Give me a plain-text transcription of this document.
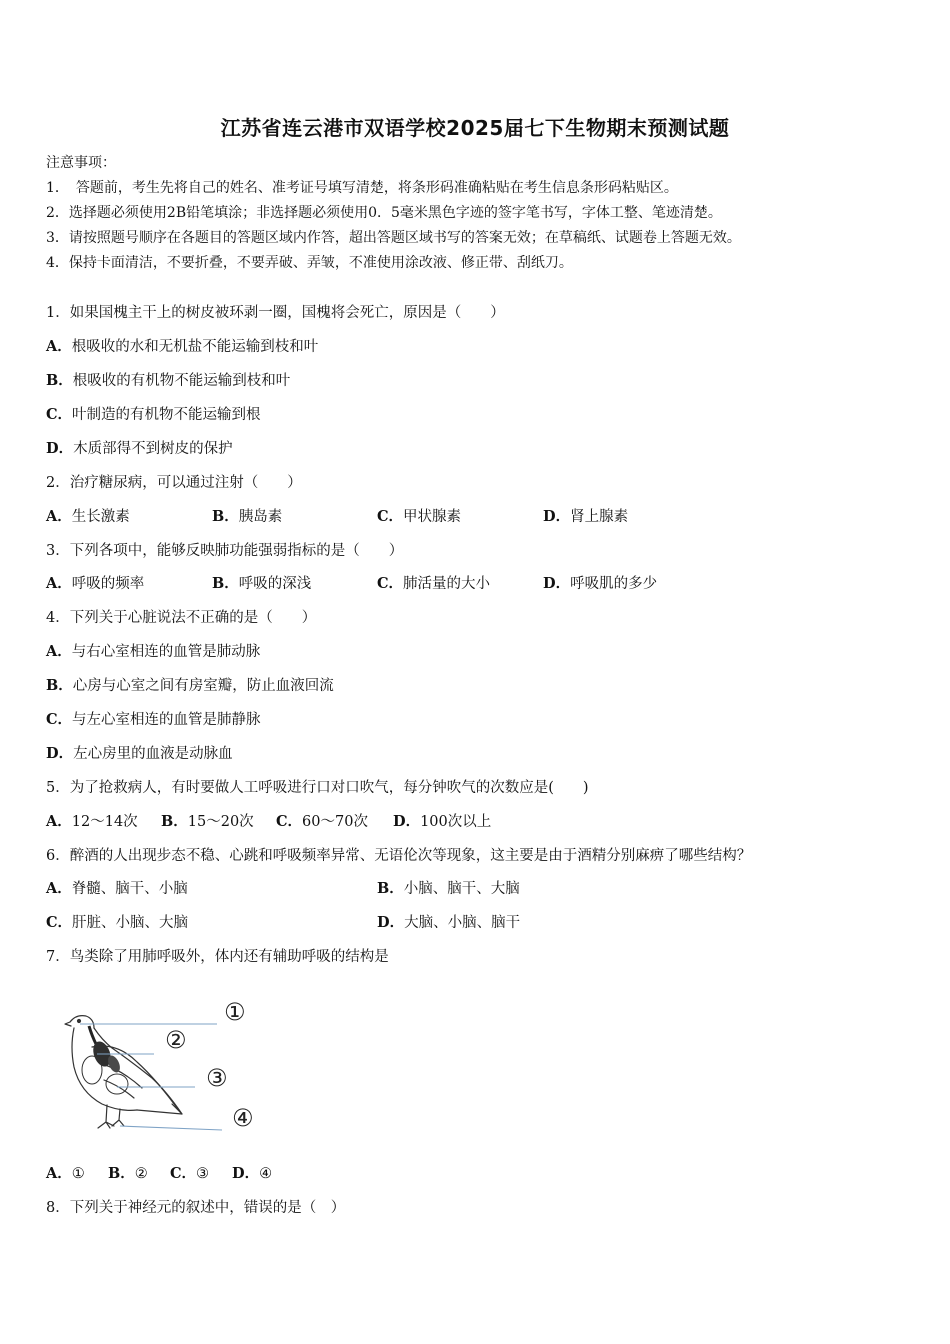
江苏省连云港市双语学校2025届七下生物期末预测试题
注意事项：
1．　答题前，考生先将自己的姓名、准考证号填写清楚，将条形码准确粘贴在考生信息条形码粘贴区。
2．选择题必须使用2B铅笔填涂；非选择题必须使用0．5毫米黑色字迹的签字笔书写，字体工整、笔迹清楚。
3．请按照题号顺序在各题目的答题区域内作答，超出答题区域书写的答案无效；在草稿纸、试题卷上答题无效。
4．保持卡面清洁，不要折叠，不要弄破、弄皱，不准使用涂改液、修正带、刮纸刀。
1．如果国槐主干上的树皮被环剥一圈，国槐将会死亡，原因是（　　）
A．根吸收的水和无机盐不能运输到枝和叶
B．根吸收的有机物不能运输到枝和叶
C．叶制造的有机物不能运输到根
D．木质部得不到树皮的保护
2．治疗糖尿病，可以通过注射（　　）
A．生长激素	B．胰岛素	C．甲状腺素	D．肾上腺素
3．下列各项中，能够反映肺功能强弱指标的是（　　）
A．呼吸的频率	B．呼吸的深浅	C．肺活量的大小	D．呼吸肌的多少
4．下列关于心脏说法不正确的是（　　）
A．与右心室相连的血管是肺动脉
B．心房与心室之间有房室瓣，防止血液回流
C．与左心室相连的血管是肺静脉
D．左心房里的血液是动脉血
5．为了抢救病人，有时要做人工呼吸进行口对口吹气，每分钟吹气的次数应是(　　)
A．12～14次 B．15～20次 C．60～70次 D．100次以上
6．醉酒的人出现步态不稳、心跳和呼吸频率异常、无语伦次等现象，这主要是由于酒精分别麻痹了哪些结构？
A．脊髓、脑干、小脑	B．小脑、脑干、大脑
C．肝脏、小脑、大脑	D．大脑、小脑、脑干
7．鸟类除了用肺呼吸外，体内还有辅助呼吸的结构是
①
②
③
④
A．① B．② C．③ D．④
8．下列关于神经元的叙述中，错误的是（　）
